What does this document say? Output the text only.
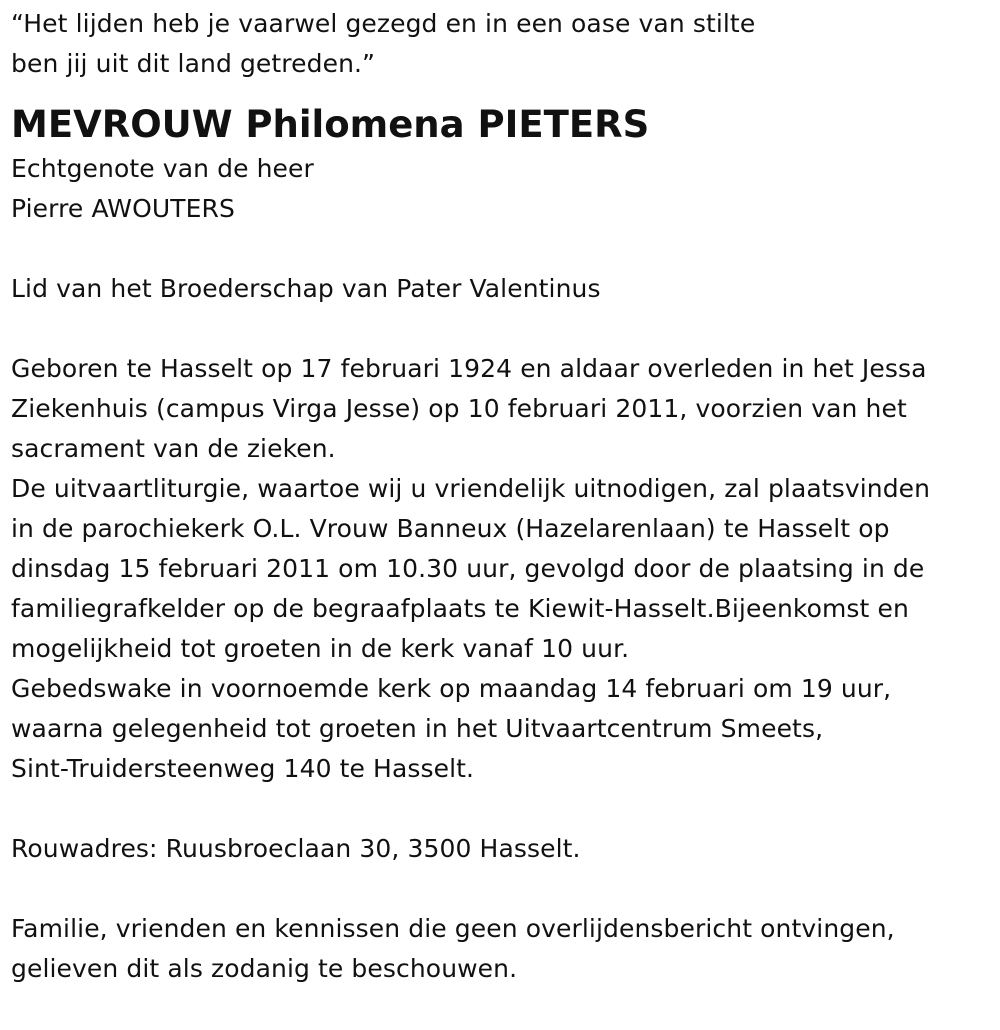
“Het lijden heb je vaarwel gezegd en in een oase van stilte
ben jij uit dit land getreden.”
MEVROUW Philomena PIETERS
Echtgenote van de heer
Pierre AWOUTERS
Lid van het Broederschap van Pater Valentinus
Geboren te Hasselt op 17 februari 1924 en aldaar overleden in het Jessa
Ziekenhuis (campus Virga Jesse) op 10 februari 2011, voorzien van het
sacrament van de zieken.
De uitvaartliturgie, waartoe wij u vriendelijk uitnodigen, zal plaatsvinden
in de parochiekerk O.L. Vrouw Banneux (Hazelarenlaan) te Hasselt op
dinsdag 15 februari 2011 om 10.30 uur, gevolgd door de plaatsing in de
familiegrafkelder op de begraafplaats te Kiewit-Hasselt.Bijeenkomst en
mogelijkheid tot groeten in de kerk vanaf 10 uur.
Gebedswake in voornoemde kerk op maandag 14 februari om 19 uur,
waarna gelegenheid tot groeten in het Uitvaartcentrum Smeets,
Sint-Truidersteenweg 140 te Hasselt.
Rouwadres: Ruusbroeclaan 30, 3500 Hasselt.
Familie, vrienden en kennissen die geen overlijdensbericht ontvingen,
gelieven dit als zodanig te beschouwen.
